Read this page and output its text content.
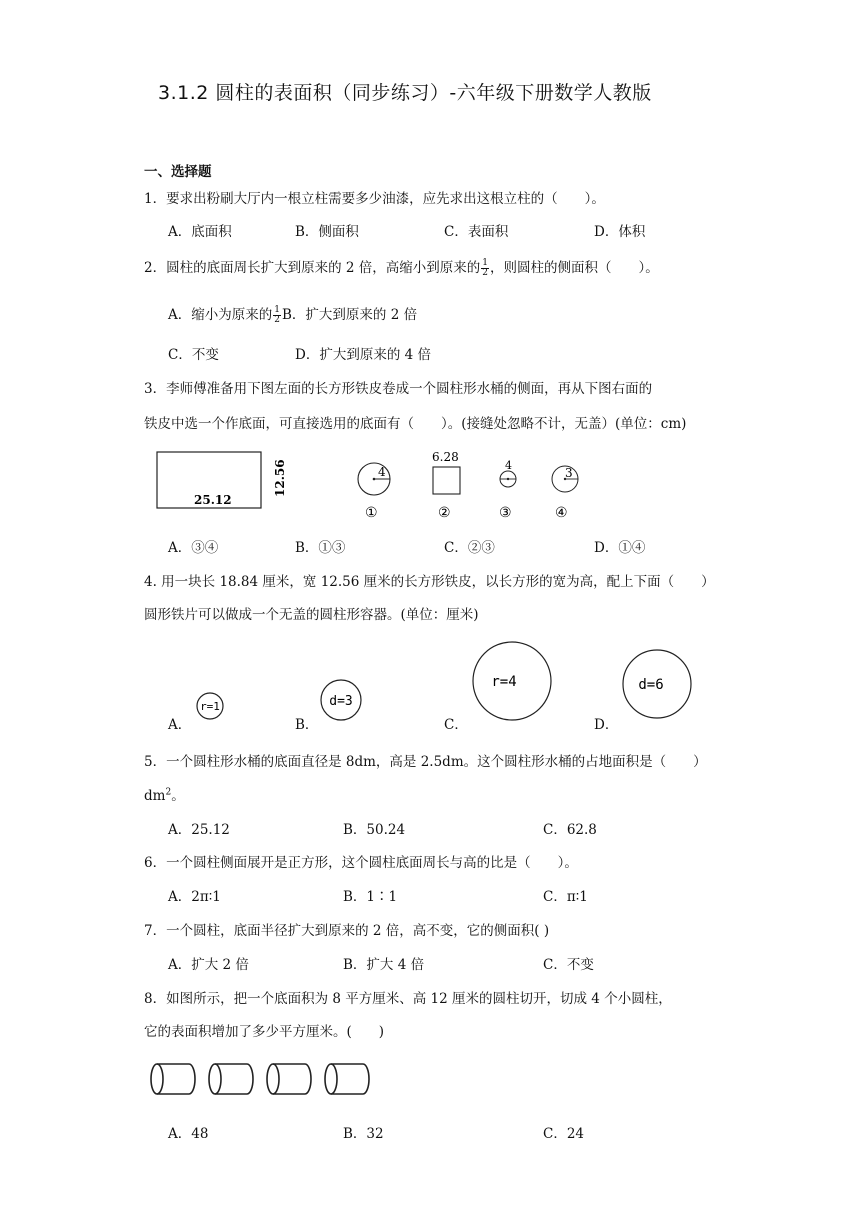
3.1.2 圆柱的表面积（同步练习）-六年级下册数学人教版
一、选择题
1．要求出粉刷大厅内一根立柱需要多少油漆，应先求出这根立柱的（　　）。
A．底面积	B．侧面积	C．表面积	D．体积
2．圆柱的底面周长扩大到原来的 2 倍，高缩小到原来的 $\frac{1}{2}$ ，则圆柱的侧面积（　　）。
A．缩小为原来的 $\frac{1}{2}$ B．扩大到原来的 2 倍
C．不变	D．扩大到原来的 4 倍
3．李师傅准备用下图左面的长方形铁皮卷成一个圆柱形水桶的侧面，再从下图右面的
铁皮中选一个作底面，可直接选用的底面有（　　）。(接缝处忽略不计，无盖）(单位：cm)
25.12
12.56	4
①
6.28
②
4
③
3
④
A．③④	B．①③	C．②③	D．①④
4. 用一块长 18.84 厘米，宽 12.56 厘米的长方形铁皮，以长方形的宽为高，配上下面（　　）
圆形铁片可以做成一个无盖的圆柱形容器。(单位：厘米)
A．	B．	C．	D．
r=1	d=3
r=4	d=6
5．一个圆柱形水桶的底面直径是 8dm，高是 2.5dm。这个圆柱形水桶的占地面积是（　　）
$dm^2$。
A．25.12	B．50.24	C．62.8
6．一个圆柱侧面展开是正方形，这个圆柱底面周长与高的比是（　　）。
A．2π∶1	B．1∶1	C．π∶1
7．一个圆柱，底面半径扩大到原来的 2 倍，高不变，它的侧面积( )
A．扩大 2 倍	B．扩大 4 倍	C．不变
8．如图所示，把一个底面积为 8 平方厘米、高 12 厘米的圆柱切开，切成 4 个小圆柱，
它的表面积增加了多少平方厘米。(　　)
A．48	B．32	C．24
